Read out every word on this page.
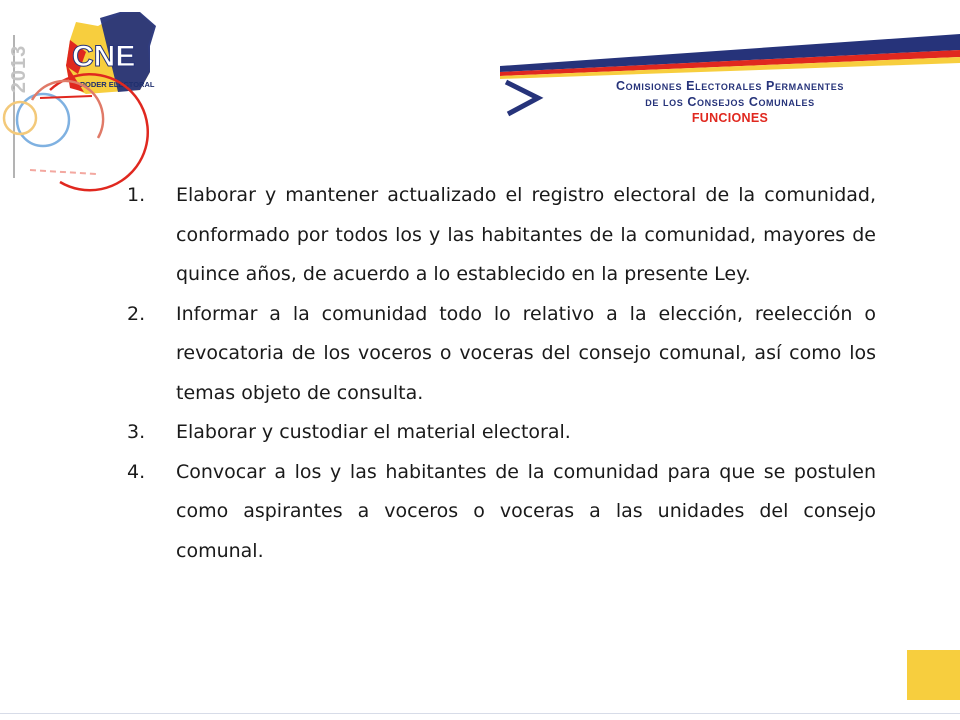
CNE
PODER ELECTORAL
2013	Comisiones Electorales Permanentes
de los Consejos Comunales
FUNCIONES
1. Elaborar y mantener actualizado el registro electoral de la comunidad, conformado por todos los y las habitantes de la comunidad, mayores de quince años, de acuerdo a lo establecido en la presente Ley.
2. Informar a la comunidad todo lo relativo a la elección, reelección o revocatoria de los voceros o voceras del consejo comunal, así como los temas objeto de consulta.
3. Elaborar y custodiar el material electoral.
4. Convocar a los y las habitantes de la comunidad para que se postulen como aspirantes a voceros o voceras a las unidades del consejo comunal.
